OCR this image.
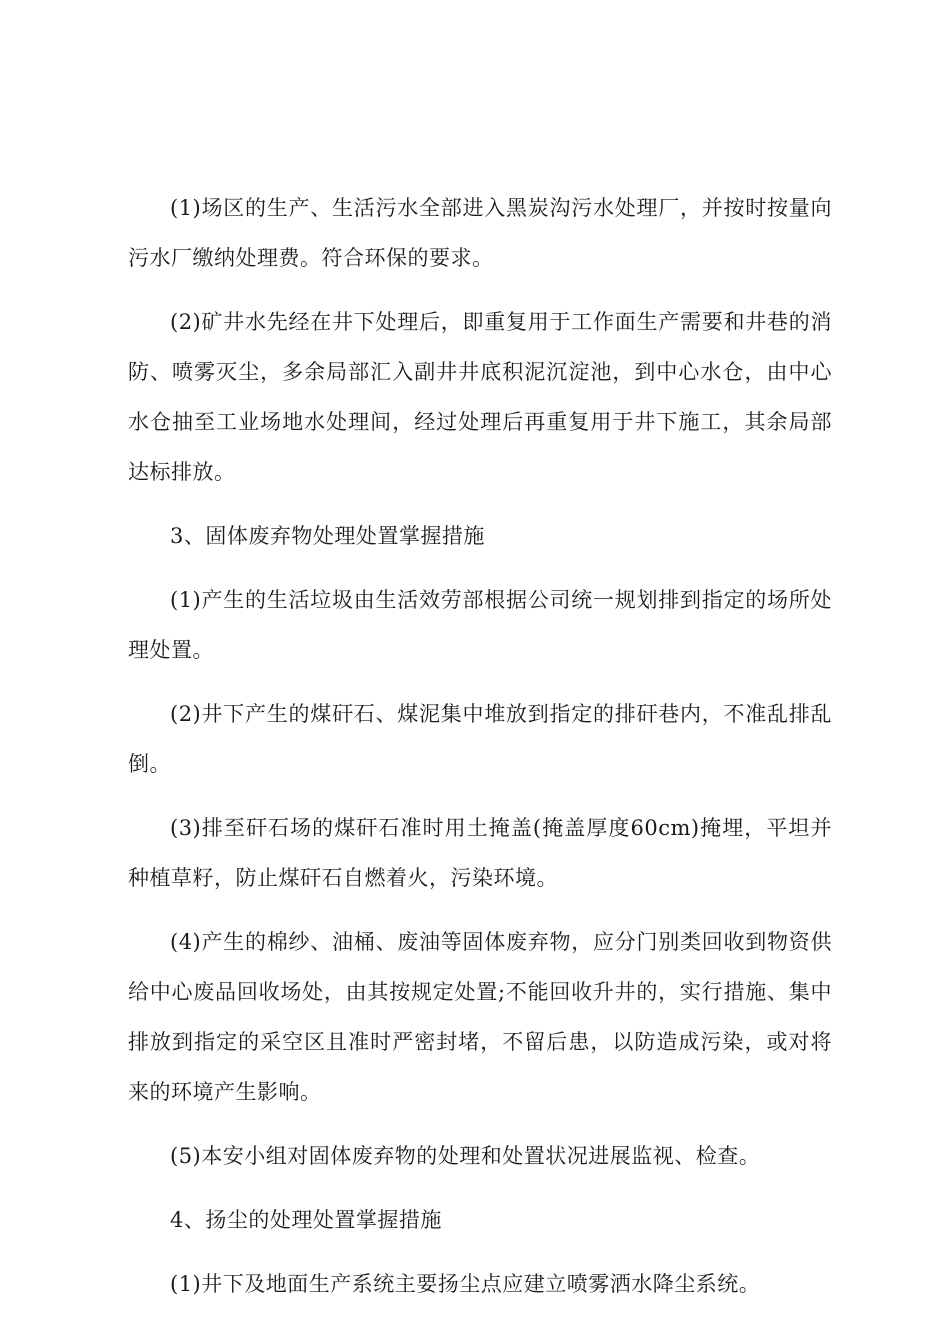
(1)场区的生产、生活污水全部进入黑炭沟污水处理厂，并按时按量向污水厂缴纳处理费。符合环保的要求。

(2)矿井水先经在井下处理后，即重复用于工作面生产需要和井巷的消防、喷雾灭尘，多余局部汇入副井井底积泥沉淀池，到中心水仓，由中心水仓抽至工业场地水处理间，经过处理后再重复用于井下施工，其余局部达标排放。

3、固体废弃物处理处置掌握措施

(1)产生的生活垃圾由生活效劳部根据公司统一规划排到指定的场所处理处置。

(2)井下产生的煤矸石、煤泥集中堆放到指定的排矸巷内，不准乱排乱倒。

(3)排至矸石场的煤矸石准时用土掩盖(掩盖厚度60cm)掩埋，平坦并种植草籽，防止煤矸石自燃着火，污染环境。

(4)产生的棉纱、油桶、废油等固体废弃物，应分门别类回收到物资供给中心废品回收场处，由其按规定处置;不能回收升井的，实行措施、集中排放到指定的采空区且准时严密封堵，不留后患，以防造成污染，或对将来的环境产生影响。

(5)本安小组对固体废弃物的处理和处置状况进展监视、检查。

4、扬尘的处理处置掌握措施

(1)井下及地面生产系统主要扬尘点应建立喷雾洒水降尘系统。
